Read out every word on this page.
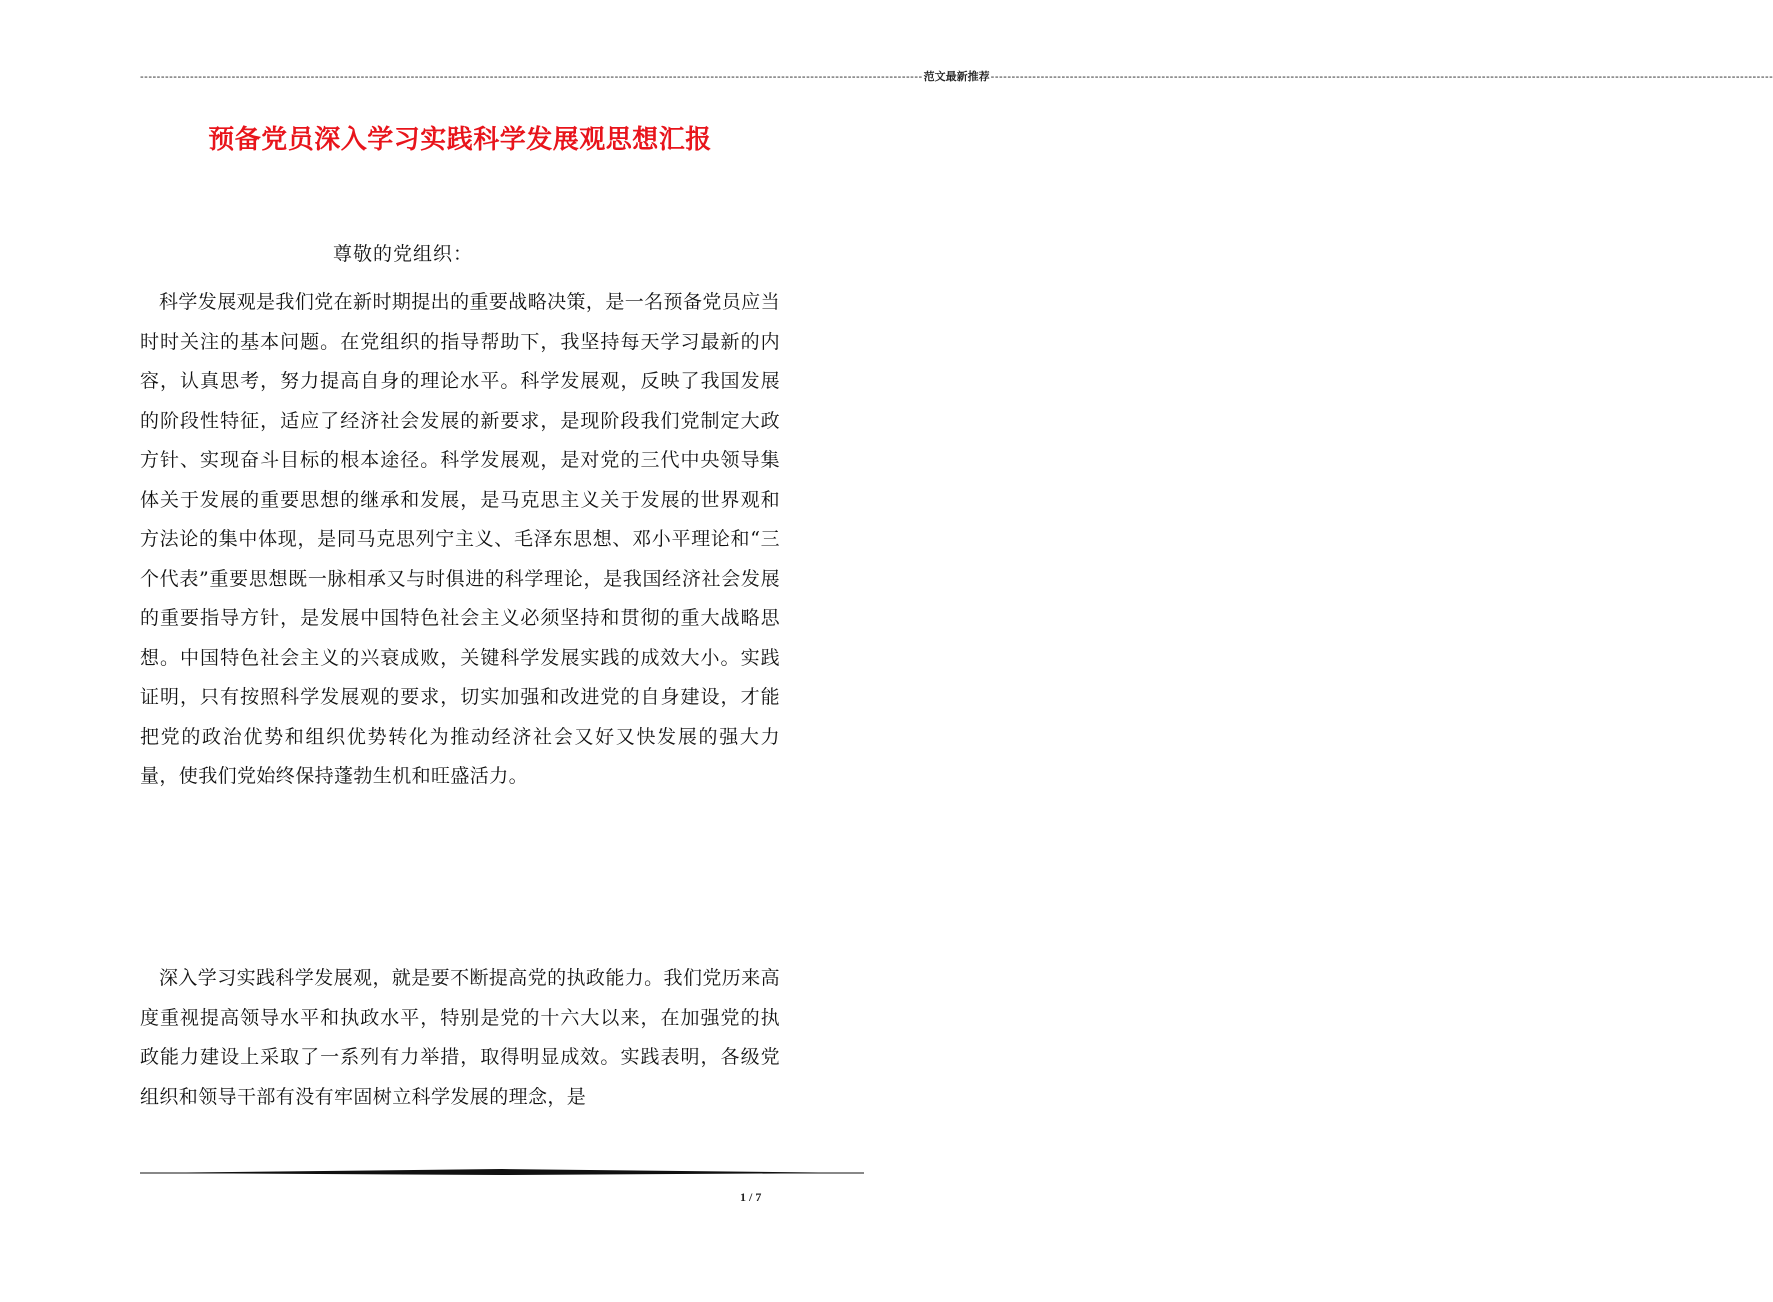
-------------------------------------------------------------------------------------------------------------------------------------------------------------------------------------------- 范文最新推荐 --------------------------------------------------------------------------------------------------------------------------------------------------------------------------------------------
预备党员深入学习实践科学发展观思想汇报
尊敬的党组织：

科学发展观是我们党在新时期提出的重要战略决策，是一名预备党员应当时时关注的基本问题。在党组织的指导帮助下，我坚持每天学习最新的内容，认真思考，努力提高自身的理论水平。科学发展观，反映了我国发展的阶段性特征，适应了经济社会发展的新要求，是现阶段我们党制定大政方针、实现奋斗目标的根本途径。科学发展观，是对党的三代中央领导集体关于发展的重要思想的继承和发展，是马克思主义关于发展的世界观和方法论的集中体现，是同马克思列宁主义、毛泽东思想、邓小平理论和“三个代表”重要思想既一脉相承又与时俱进的科学理论，是我国经济社会发展的重要指导方针，是发展中国特色社会主义必须坚持和贯彻的重大战略思想。中国特色社会主义的兴衰成败，关键科学发展实践的成效大小。实践证明，只有按照科学发展观的要求，切实加强和改进党的自身建设，才能把党的政治优势和组织优势转化为推动经济社会又好又快发展的强大力量，使我们党始终保持蓬勃生机和旺盛活力。

深入学习实践科学发展观，就是要不断提高党的执政能力。我们党历来高度重视提高领导水平和执政水平，特别是党的十六大以来，在加强党的执政能力建设上采取了一系列有力举措，取得明显成效。实践表明，各级党组织和领导干部有没有牢固树立科学发展的理念，是

1 / 7
